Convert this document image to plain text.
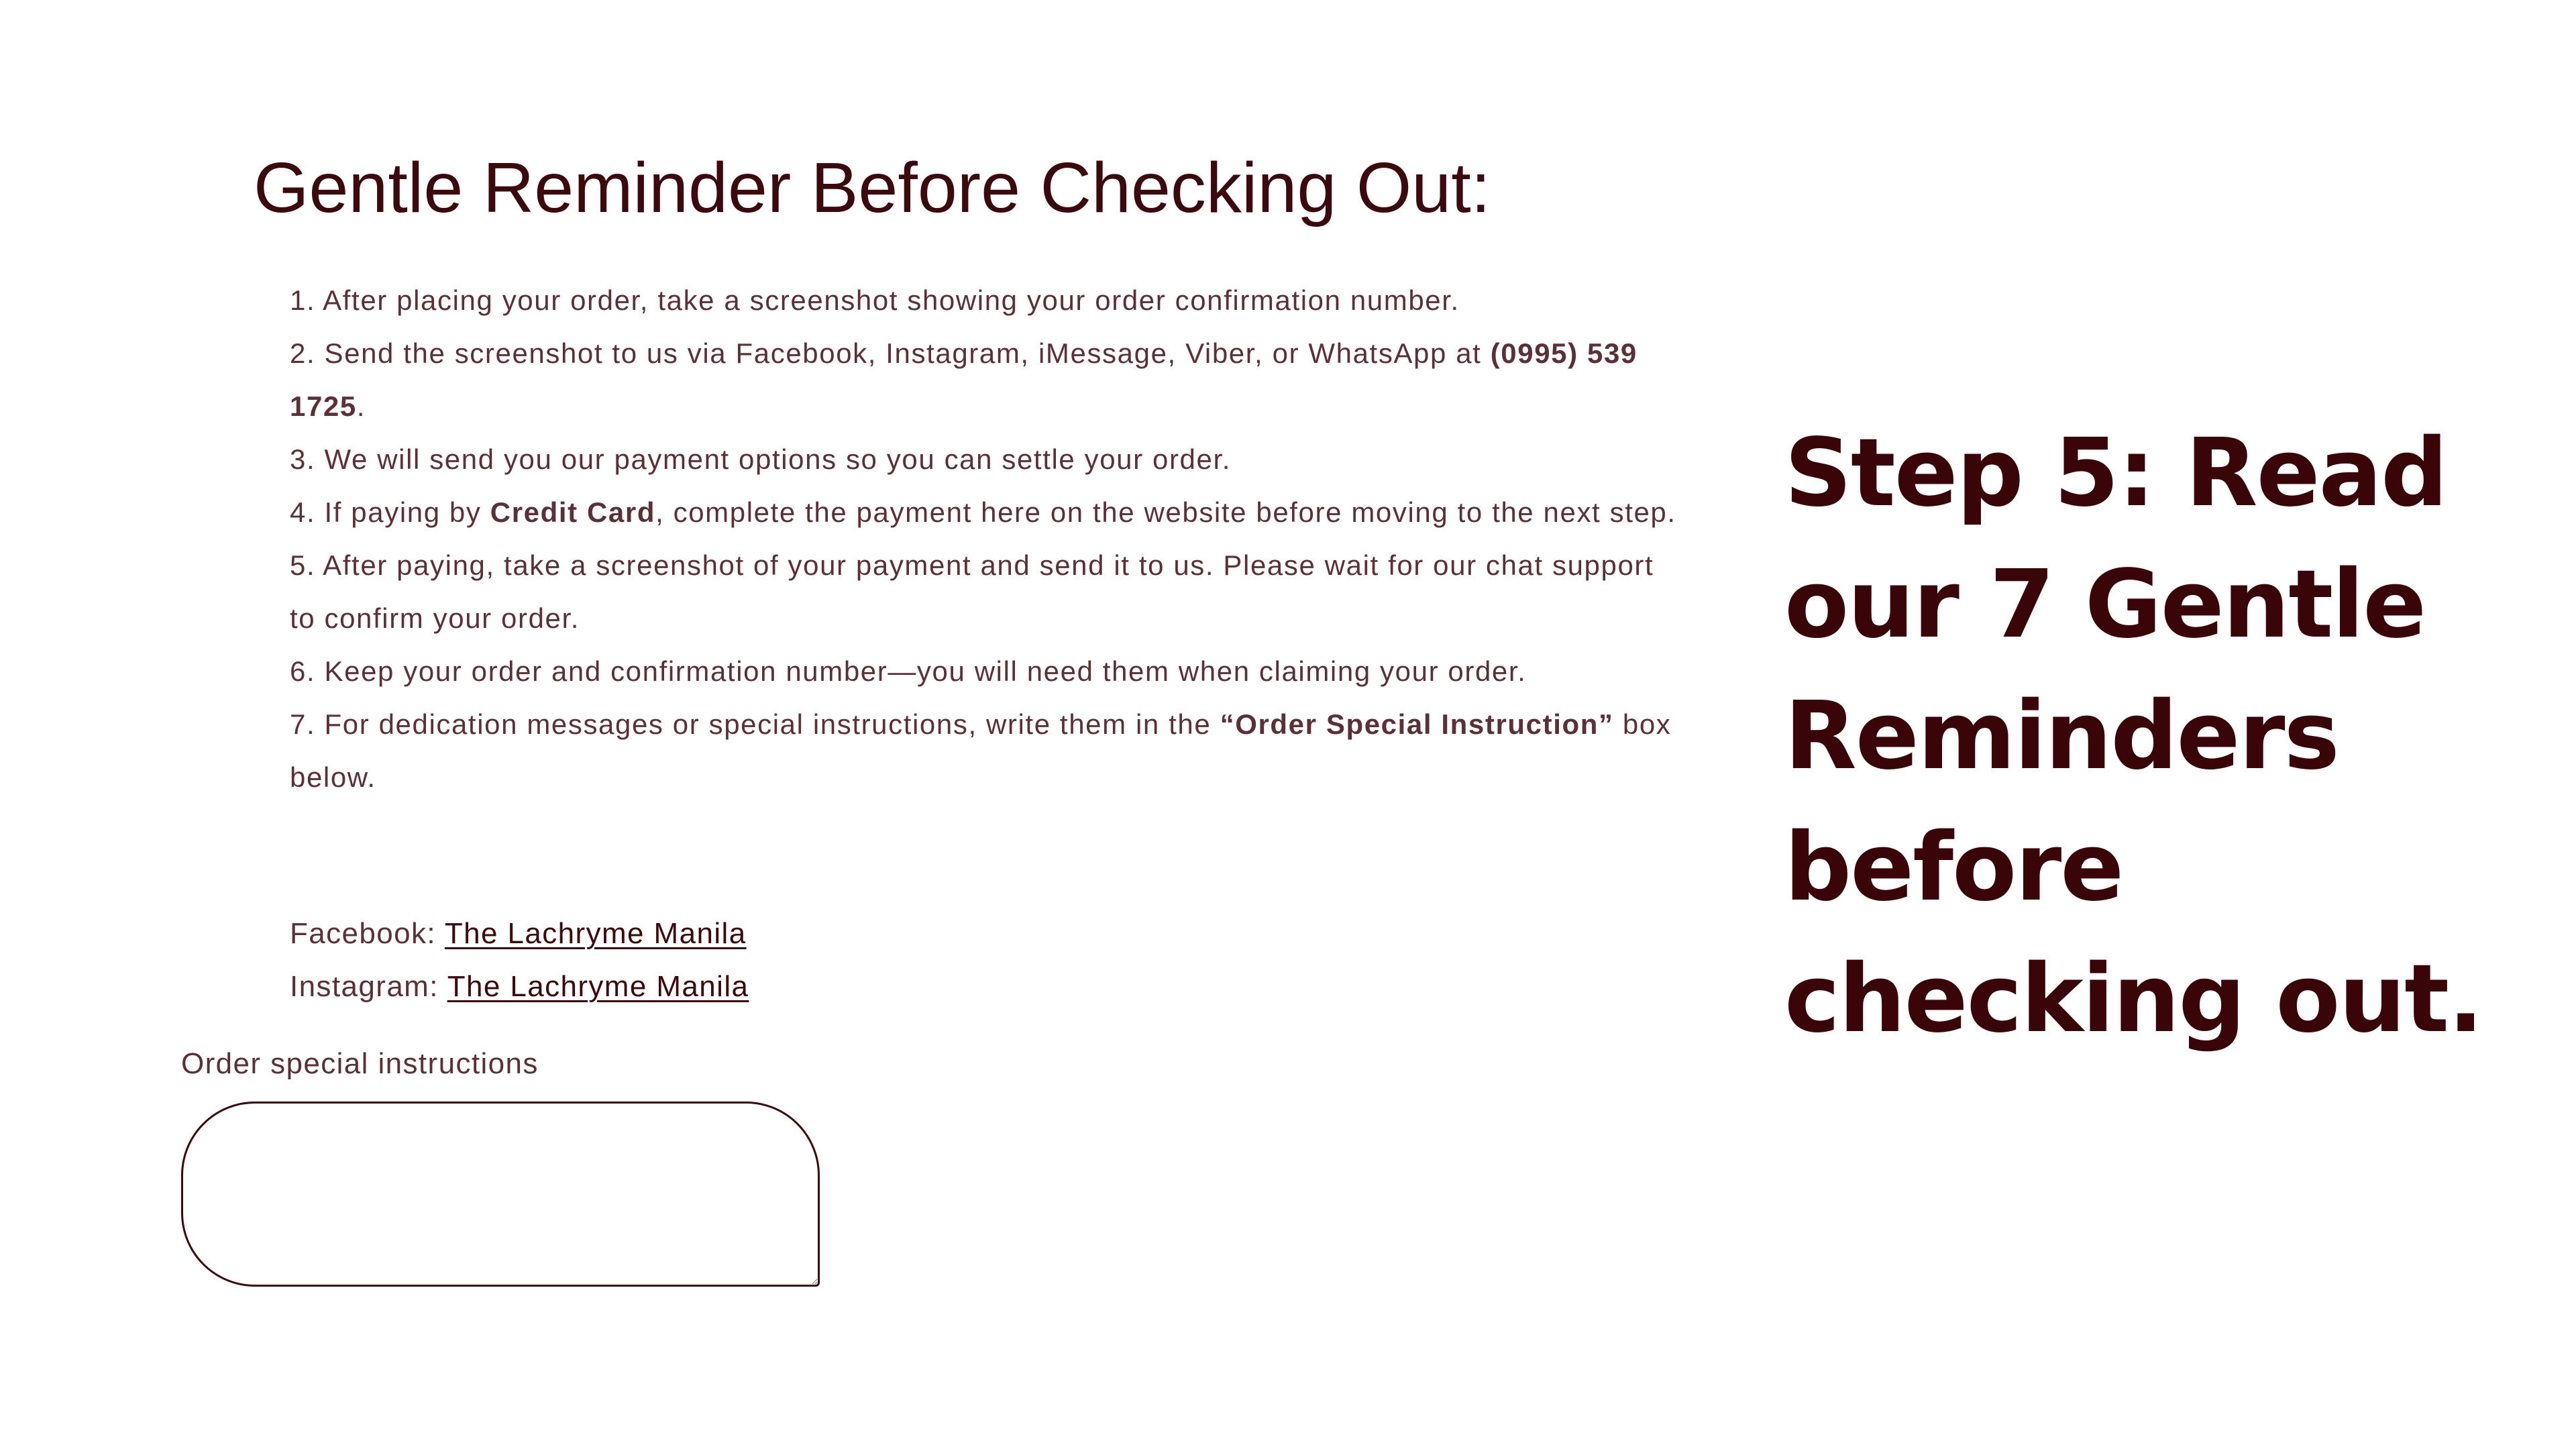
Gentle Reminder Before Checking Out:
1. After placing your order, take a screenshot showing your order confirmation number.
2. Send the screenshot to us via Facebook, Instagram, iMessage, Viber, or WhatsApp at (0995) 539 1725.
3. We will send you our payment options so you can settle your order.
4. If paying by Credit Card, complete the payment here on the website before moving to the next step.
5. After paying, take a screenshot of your payment and send it to us. Please wait for our chat support to confirm your order.
6. Keep your order and confirmation number—you will need them when claiming your order.
7. For dedication messages or special instructions, write them in the “Order Special Instruction” box below.
Facebook: The Lachryme Manila
Instagram: The Lachryme Manila
Order special instructions
Step 5: Read our 7 Gentle Reminders before checking out.
